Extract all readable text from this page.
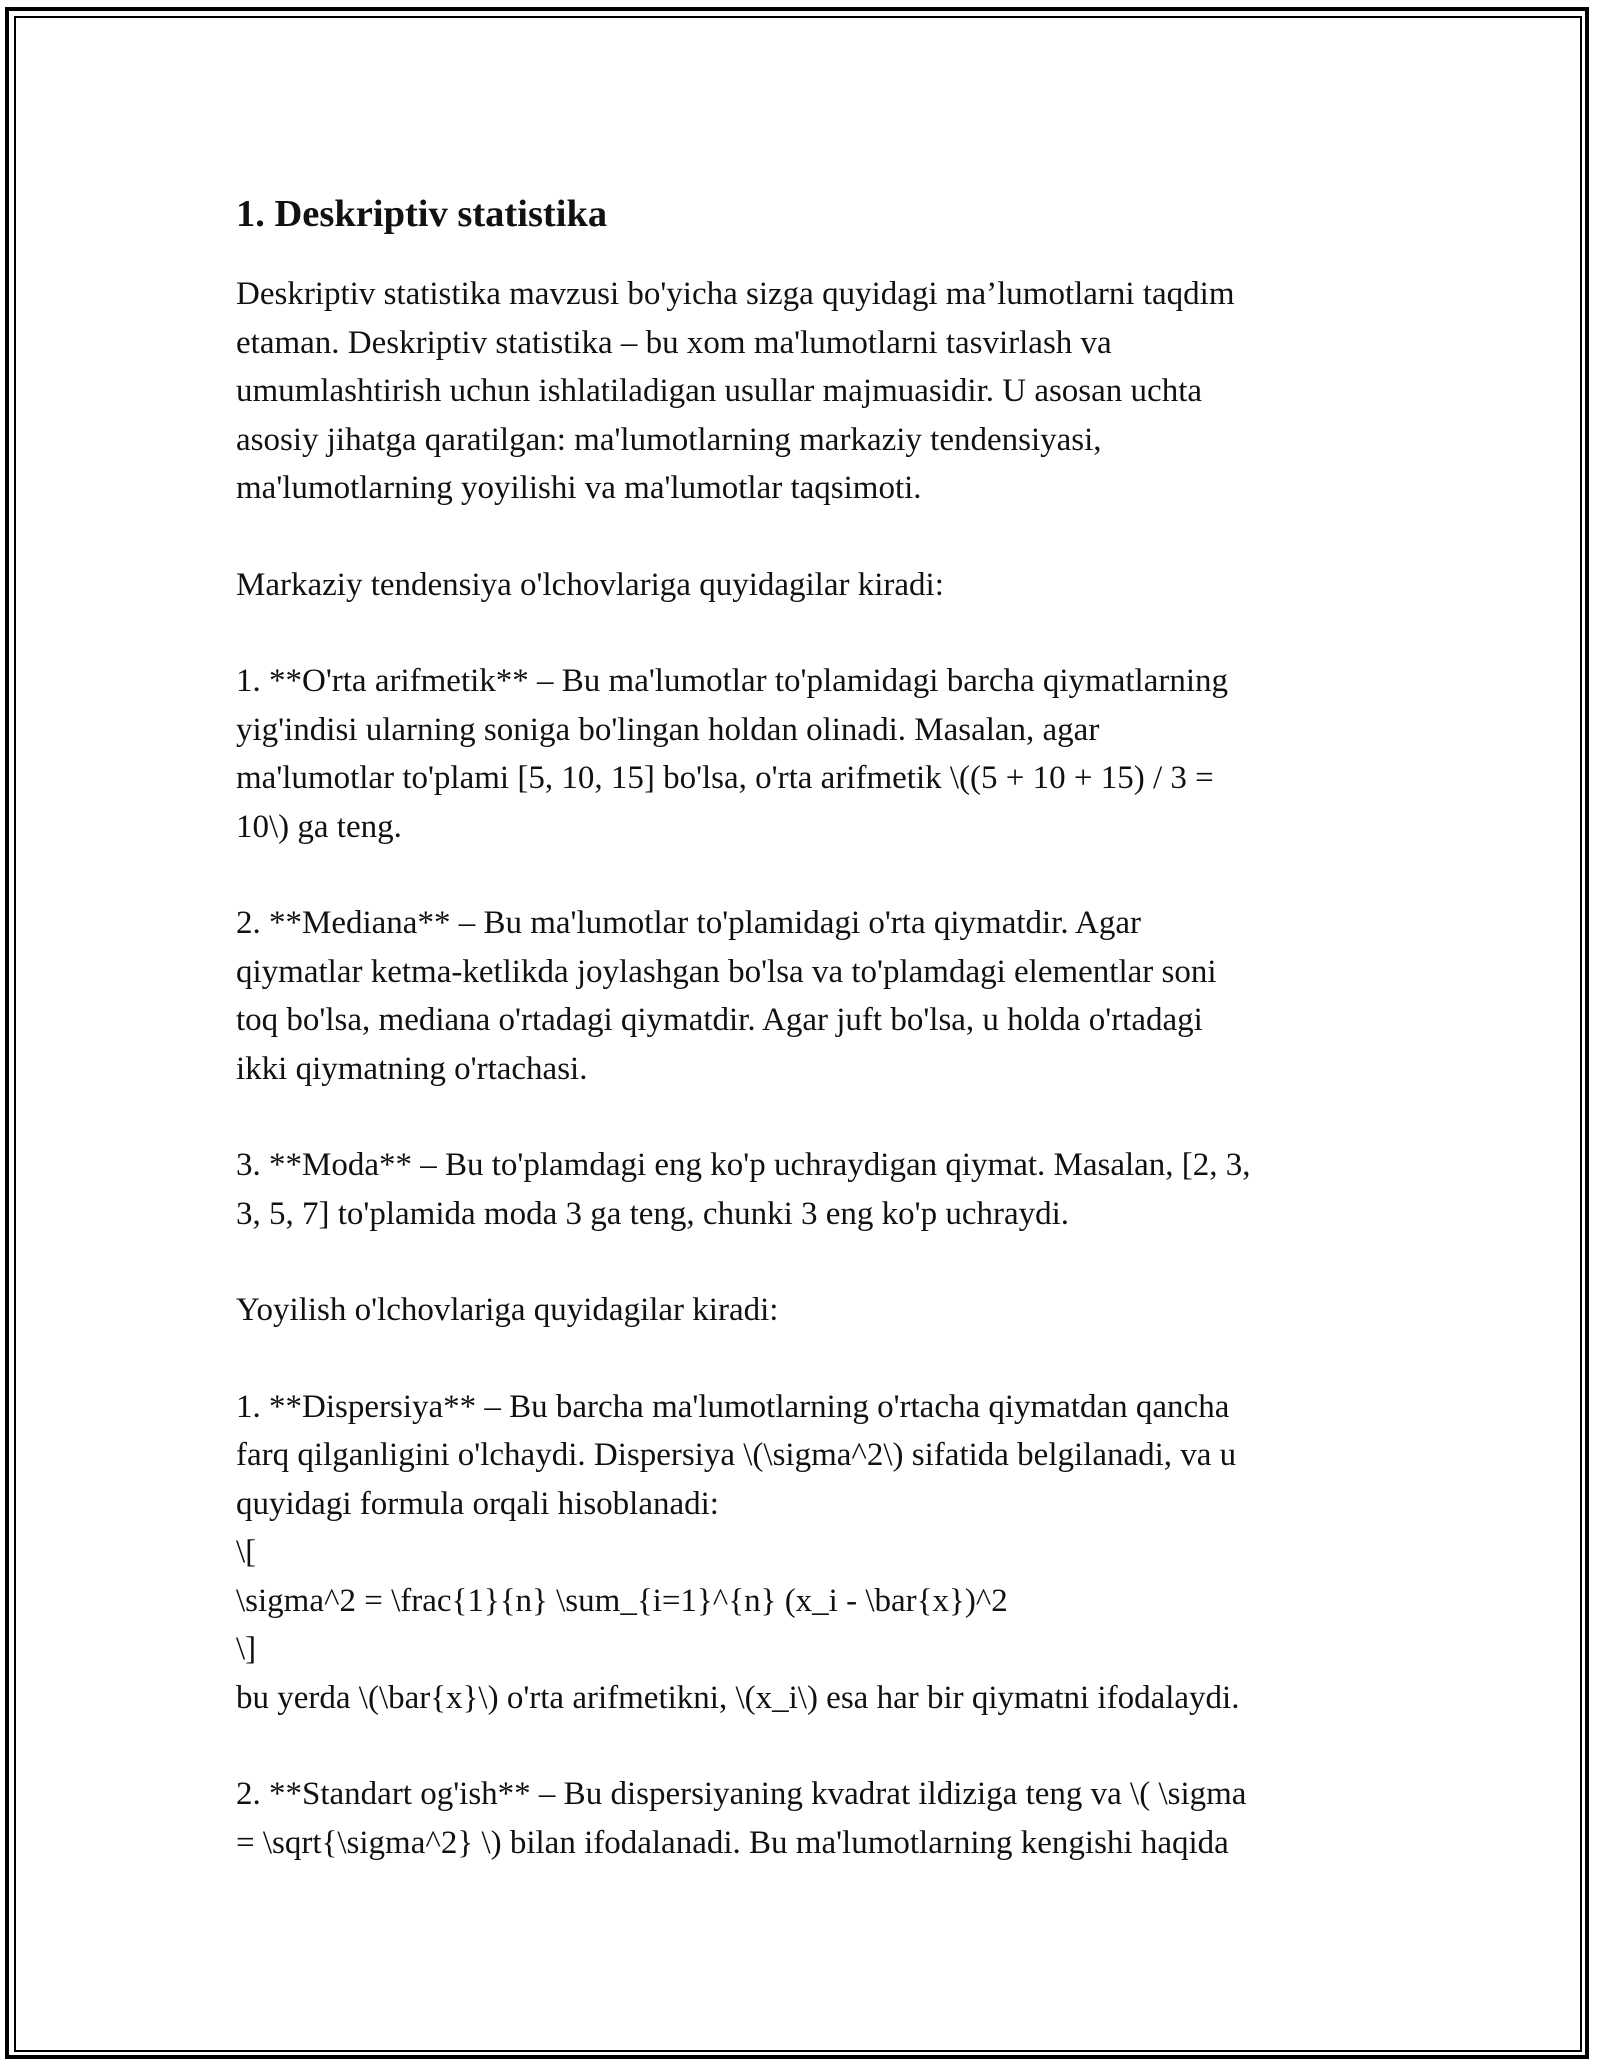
1. Deskriptiv statistika

Deskriptiv statistika mavzusi bo'yicha sizga quyidagi ma’lumotlarni taqdim
etaman. Deskriptiv statistika – bu xom ma'lumotlarni tasvirlash va
umumlashtirish uchun ishlatiladigan usullar majmuasidir. U asosan uchta
asosiy jihatga qaratilgan: ma'lumotlarning markaziy tendensiyasi,
ma'lumotlarning yoyilishi va ma'lumotlar taqsimoti.

Markaziy tendensiya o'lchovlariga quyidagilar kiradi:

1. **O'rta arifmetik** – Bu ma'lumotlar to'plamidagi barcha qiymatlarning
yig'indisi ularning soniga bo'lingan holdan olinadi. Masalan, agar
ma'lumotlar to'plami [5, 10, 15] bo'lsa, o'rta arifmetik \((5 + 10 + 15) / 3 =
10\) ga teng.

2. **Mediana** – Bu ma'lumotlar to'plamidagi o'rta qiymatdir. Agar
qiymatlar ketma-ketlikda joylashgan bo'lsa va to'plamdagi elementlar soni
toq bo'lsa, mediana o'rtadagi qiymatdir. Agar juft bo'lsa, u holda o'rtadagi
ikki qiymatning o'rtachasi.

3. **Moda** – Bu to'plamdagi eng ko'p uchraydigan qiymat. Masalan, [2, 3,
3, 5, 7] to'plamida moda 3 ga teng, chunki 3 eng ko'p uchraydi.

Yoyilish o'lchovlariga quyidagilar kiradi:

1. **Dispersiya** – Bu barcha ma'lumotlarning o'rtacha qiymatdan qancha
farq qilganligini o'lchaydi. Dispersiya \(\sigma^2\) sifatida belgilanadi, va u
quyidagi formula orqali hisoblanadi:
\[
\sigma^2 = \frac{1}{n} \sum_{i=1}^{n} (x_i - \bar{x})^2
\]
bu yerda \(\bar{x}\) o'rta arifmetikni, \(x_i\) esa har bir qiymatni ifodalaydi.

2. **Standart og'ish** – Bu dispersiyaning kvadrat ildiziga teng va \( \sigma
= \sqrt{\sigma^2} \) bilan ifodalanadi. Bu ma'lumotlarning kengishi haqida
